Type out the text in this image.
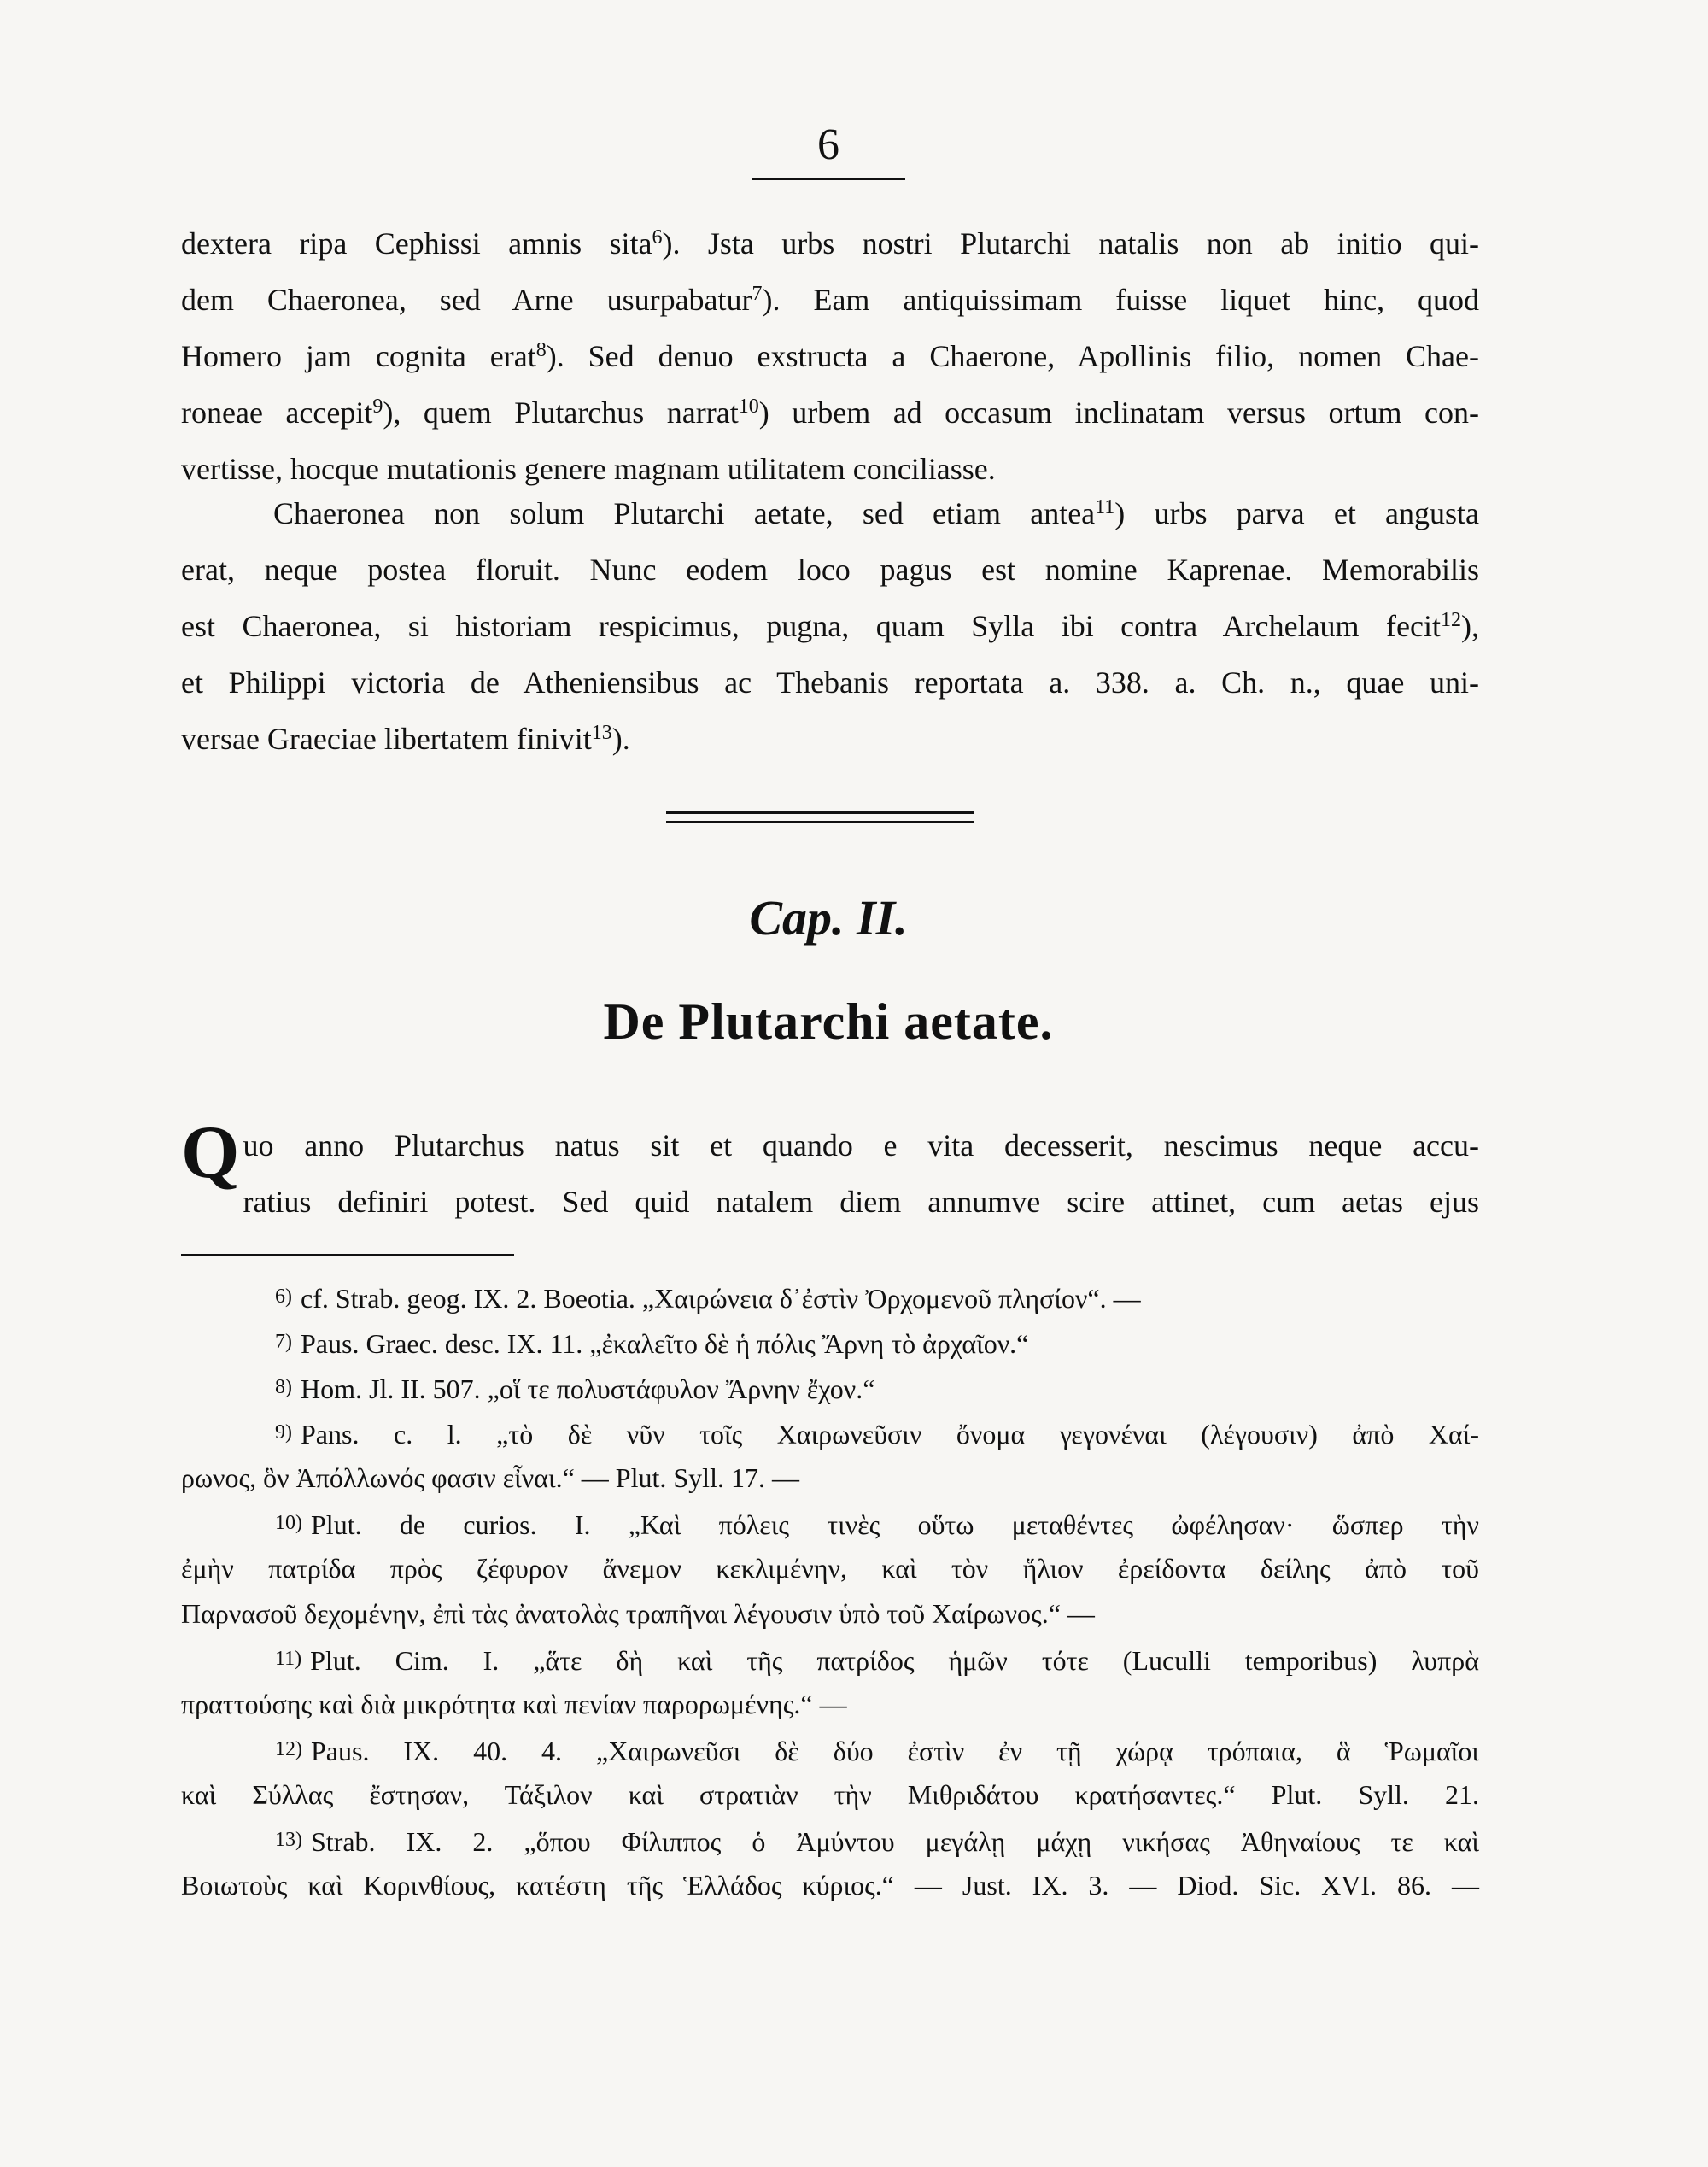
6
dextera ripa Cephissi amnis sita$^6$). Jsta urbs nostri Plutarchi natalis non ab initio qui-
dem Chaeronea, sed Arne usurpabatur$^7$). Eam antiquissimam fuisse liquet hinc, quod
Homero jam cognita erat$^8$). Sed denuo exstructa a Chaerone, Apollinis filio, nomen Chae-
roneae accepit$^9$), quem Plutarchus narrat$^{10}$) urbem ad occasum inclinatam versus ortum con-
vertisse, hocque mutationis genere magnam utilitatem conciliasse.
Chaeronea non solum Plutarchi aetate, sed etiam antea$^{11}$) urbs parva et angusta
erat, neque postea floruit. Nunc eodem loco pagus est nomine Kaprenae. Memorabilis
est Chaeronea, si historiam respicimus, pugna, quam Sylla ibi contra Archelaum fecit$^{12}$),
et Philippi victoria de Atheniensibus ac Thebanis reportata a. 338. a. Ch. n., quae uni-
versae Graeciae libertatem finivit$^{13}$).
Cap. II.
De Plutarchi aetate.
Q uo anno Plutarchus natus sit et quando e vita decesserit, nescimus neque accu-
ratius definiri potest. Sed quid natalem diem annumve scire attinet, cum aetas ejus
6) cf. Strab. geog. IX. 2. Boeotia. „Χαιρώνεια δ᾽ἐστὶν Ὀρχομενοῦ πλησίον“. —
7) Paus. Graec. desc. IX. 11. „ἐκαλεῖτο δὲ ἡ πόλις Ἄρνη τὸ ἀρχαῖον.“
8) Hom. Jl. II. 507. „οἵ τε πολυστάφυλον Ἄρνην ἔχον.“
9) Pans. c. l. „τὸ δὲ νῦν τοῖς Χαιρωνεῦσιν ὄνομα γεγονέναι (λέγουσιν) ἀπὸ Χαί-
ρωνος, ὃν Ἀπόλλωνός φασιν εἶναι.“ — Plut. Syll. 17. —
10) Plut. de curios. I. „Καὶ πόλεις τινὲς οὕτω μεταθέντες ὠφέλησαν· ὥσπερ τὴν
ἐμὴν πατρίδα πρὸς ζέφυρον ἄνεμον κεκλιμένην, καὶ τὸν ἥλιον ἐρείδοντα δείλης ἀπὸ τοῦ
Παρνασοῦ δεχομένην, ἐπὶ τὰς ἀνατολὰς τραπῆναι λέγουσιν ὑπὸ τοῦ Χαίρωνος.“ —
11) Plut. Cim. I. „ἅτε δὴ καὶ τῆς πατρίδος ἡμῶν τότε (Luculli temporibus) λυπρὰ
πραττούσης καὶ διὰ μικρότητα καὶ πενίαν παρορωμένης.“ —
12) Paus. IX. 40. 4. „Χαιρωνεῦσι δὲ δύο ἐστὶν ἐν τῇ χώρᾳ τρόπαια, ἃ Ῥωμαῖοι
καὶ Σύλλας ἔστησαν, Τάξιλον καὶ στρατιὰν τὴν Μιθριδάτου κρατήσαντες.“ Plut. Syll. 21.
13) Strab. IX. 2. „ὅπου Φίλιππος ὁ Ἀμύντου μεγάλῃ μάχῃ νικήσας Ἀθηναίους τε καὶ
Βοιωτοὺς καὶ Κορινθίους, κατέστη τῆς Ἑλλάδος κύριος.“ — Just. IX. 3. — Diod. Sic. XVI. 86. —
